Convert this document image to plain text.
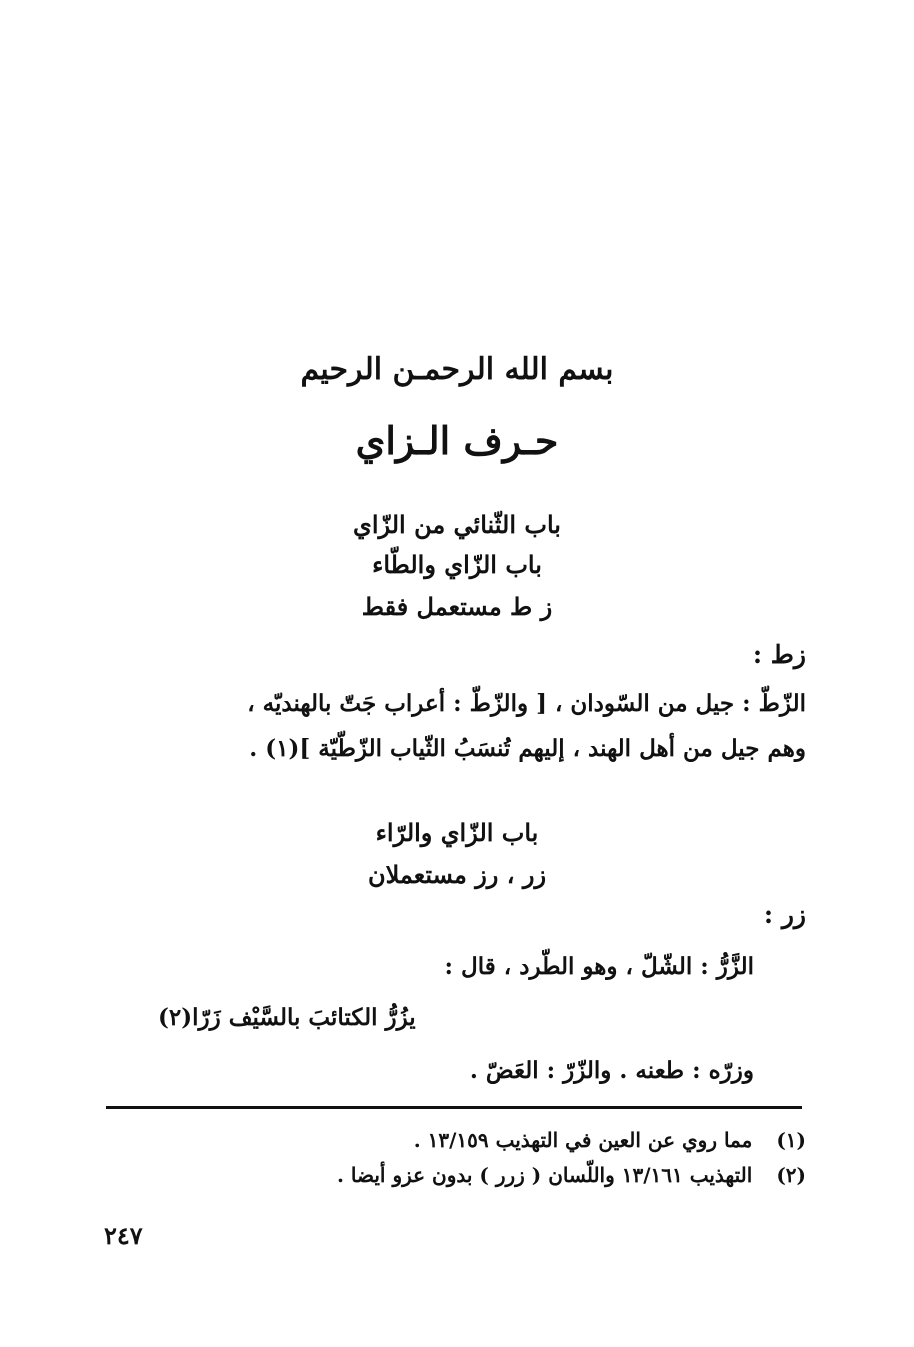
بسم الله الرحمـن الرحيم
حـرف الـزاي
باب الثّنائي من الزّاي
باب الزّاي والطّاء
ز ط مستعمل فقط
زط :
الزّطّ : جيل من السّودان ، [ والزّطّ : أعراب جَتّ بالهنديّه ،
وهم جيل من أهل الهند ، إليهم تُنسَبُ الثّياب الزّطّيّة ](١) .
باب الزّاي والرّاء
زر ، رز مستعملان
زر :
الزَّرُّ : الشّلّ ، وهو الطّرد ، قال :
يزُرُّ الكتائبَ بالسَّيْف زَرّا(٢)
وزرّه : طعنه . والزّرّ : العَضّ .
(١)مما روي عن العين في التهذيب ١٣/١٥٩ .
(٢)التهذيب ١٣/١٦١ واللّسان ( زرر ) بدون عزو أيضا .
٢٤٧
